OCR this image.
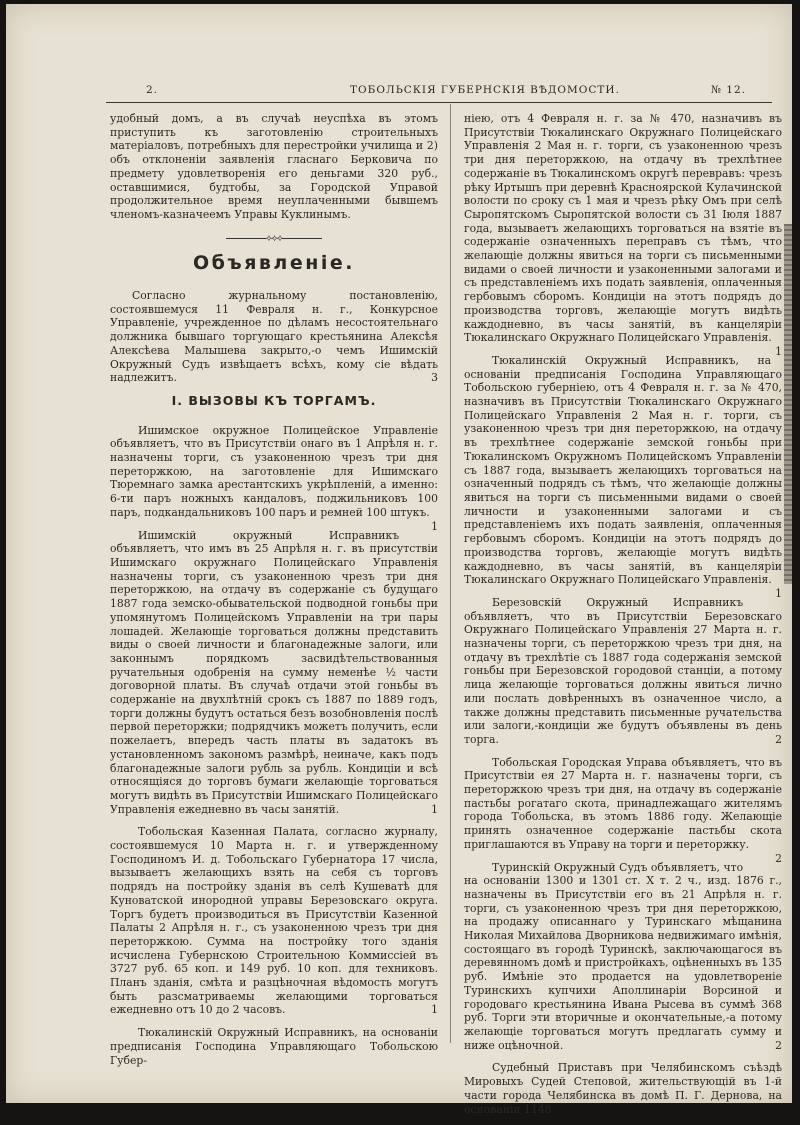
2.	ТОБОЛЬСКІЯ ГУБЕРНСКІЯ ВѢДОМОСТИ.	№ 12.

удобный домъ, а въ случаѣ неуспѣха въ этомъ приступить къ заготовленію строительныхъ матеріаловъ, потребныхъ для перестройки училища и 2) объ отклоненіи заявленія гласнаго Берковича по предмету удовлетворенія его деньгами 320 руб., оставшимися, будтобы, за Городской Управой продолжительное время неуплаченными бывшемъ членомъ-казначеемъ Управы Куклинымъ.

⟡⟡⟡
Объявленіе.

Согласно журнальному постановленію, состоявшемуся 11 Февраля н. г., Конкурсное Управленіе, учрежденное по дѣламъ несостоятельнаго должника бывшаго торгующаго крестьянина Алексѣя Алексѣева Малышева закрыто,-о чемъ Ишимскій Окружный Судъ извѣщаетъ всѣхъ, кому сіе вѣдать надлежитъ.	3

I. ВЫЗОВЫ КЪ ТОРГАМЪ.

Ишимское окружное Полицейское Управленіе объявляетъ, что въ Присутствіи онаго въ 1 Апрѣля н. г. назначены торги, съ узаконенною чрезъ три дня переторжкою, на заготовленіе для Ишимскаго Тюремнаго замка арестантскихъ укрѣпленій, а именно: 6-ти паръ ножныхъ кандаловъ, поджильниковъ 100 паръ, подкандальниковъ 100 паръ и ремней 100 штукъ.
1

Ишимскій окружный Исправникъ объявляетъ, что имъ въ 25 Апрѣля н. г. въ присутствіи Ишимскаго окружнаго Полицейскаго Управленія назначены торги, съ узаконенною чрезъ три дня переторжкою, на отдачу въ содержаніе съ будущаго 1887 года земско-обывательской подводной гоньбы при упомянутомъ Полицейскомъ Управленіи на три пары лошадей. Желающіе торговаться должны представить виды о своей личности и благонадежные залоги, или законнымъ порядкомъ засвидѣтельствованныя ручательныя одобренія на сумму неменѣе ½ части договорной платы. Въ случаѣ отдачи этой гоньбы въ содержаніе на двухлѣтній срокъ съ 1887 по 1889 годъ, торги должны будутъ остаться безъ возобновленія послѣ первой переторжки; подрядчикъ можетъ получить, если пожелаетъ, впередъ часть платы въ задатокъ въ установленномъ закономъ размѣрѣ, неиначе, какъ подъ благонадежные залоги рубль за рубль. Кондиціи и всѣ относящіяся до торговъ бумаги желающіе торговаться могутъ видѣть въ Присутствіи Ишимскаго Полицейскаго Управленія ежедневно въ часы занятій.	1

Тобольская Казенная Палата, согласно журналу, состоявшемуся 10 Марта н. г. и утвержденному Господиномъ И. д. Тобольскаго Губернатора 17 числа, вызываетъ желающихъ взять на себя съ торговъ подрядъ на постройку зданія въ селѣ Кушеватѣ для Куноватской инородной управы Березовскаго округа. Торгъ будетъ производиться въ Присутствіи Казенной Палаты 2 Апрѣля н. г., съ узаконенною чрезъ три дня переторжкою. Сумма на постройку того зданія исчислена Губернскою Строительною Коммиссіей въ 3727 руб. 65 коп. и 149 руб. 10 коп. для техниковъ. Планъ зданія, смѣта и разцѣночная вѣдомость могутъ быть разсматриваемы желающими торговаться ежедневно отъ 10 до 2 часовъ.	1

Тюкалинскій Окружный Исправникъ, на основаніи предписанія Господина Управляющаго Тобольскою Губер-

ніею, отъ 4 Февраля н. г. за № 470, назначивъ въ Присутствіи Тюкалинскаго Окружнаго Полицейскаго Управленія 2 Мая н. г. торги, съ узаконенною чрезъ три дня переторжкою, на отдачу въ трехлѣтнее содержаніе въ Тюкалинскомъ округѣ перевравъ: чрезъ рѣку Иртышъ при деревнѣ Красноярской Кулачинской волости по сроку съ 1 мая и чрезъ рѣку Омъ при селѣ Сыропятскомъ Сыропятской волости съ 31 Іюля 1887 года, вызываетъ желающихъ торговаться на взятіе въ содержаніе означенныхъ переправъ съ тѣмъ, что желающіе должны явиться на торги съ письменными видами о своей личности и узаконенными залогами и съ представленіемъ ихъ подать заявленія, оплаченныя гербовымъ сборомъ. Кондиціи на этотъ подрядъ до производства торговъ, желающіе могутъ видѣть каждодневно, въ часы занятій, въ канцеляріи Тюкалинскаго Окружнаго Полицейскаго Управленія.
1

Тюкалинскій Окружный Исправникъ, на основаніи предписанія Господина Управляющаго Тобольскою губерніею, отъ 4 Февраля н. г. за № 470, назначивъ въ Присутствіи Тюкалинскаго Окружнаго Полицейскаго Управленія 2 Мая н. г. торги, съ узаконенною чрезъ три дня переторжкою, на отдачу въ трехлѣтнее содержаніе земской гоньбы при Тюкалинскомъ Окружномъ Полицейскомъ Управленіи съ 1887 года, вызываетъ желающихъ торговаться на означенный подрядъ съ тѣмъ, что желающіе должны явиться на торги съ письменными видами о своей личности и узаконенными залогами и съ представленіемъ ихъ подать заявленія, оплаченныя гербовымъ сборомъ. Кондиціи на этотъ подрядъ до производства торговъ, желающіе могутъ видѣть каждодневно, въ часы занятій, въ канцеляріи Тюкалинскаго Окружнаго Полицейскаго Управленія.
1

Березовскій Окружный Исправникъ объявляетъ, что въ Присутствіи Березовскаго Окружнаго Полицейскаго Управленія 27 Марта н. г. назначены торги, съ переторжкою чрезъ три дня, на отдачу въ трехлѣтіе съ 1887 года содержанія земской гоньбы при Березовской городовой станціи, а потому лица желающіе торговаться должны явиться лично или послать довѣренныхъ въ означенное число, а также должны представить письменные ручательства или залоги,-кондиціи же будутъ объявлены въ день торга.	2

Тобольская Городская Управа объявляетъ, что въ Присутствіи ея 27 Марта н. г. назначены торги, съ переторжкою чрезъ три дня, на отдачу въ содержаніе пастьбы рогатаго скота, принадлежащаго жителямъ города Тобольска, въ этомъ 1886 году. Желающіе принять означенное содержаніе пастьбы скота приглашаются въ Управу на торги и переторжку.
2

Туринскій Окружный Судъ объявляетъ, что на основаніи 1300 и 1301 ст. Х т. 2 ч., изд. 1876 г., назначены въ Присутствіи его въ 21 Апрѣля н. г. торги, съ узаконенною чрезъ три дня переторжкою, на продажу описаннаго у Туринскаго мѣщанина Николая Михайлова Дворникова недвижимаго имѣнія, состоящаго въ городѣ Туринскѣ, заключающагося въ деревянномъ домѣ и пристройкахъ, оцѣненныхъ въ 135 руб. Имѣніе это продается на удовлетвореніе Туринскихъ купчихи Аполлинаріи Ворсиной и городоваго крестьянина Ивана Рысева въ суммѣ 368 руб. Торги эти вторичные и окончательные,-а потому желающіе торговаться могутъ предлагать сумму и ниже оцѣночной.	2

Судебный Приставъ при Челябинскомъ съѣздѣ Мировыхъ Судей Степовой, жительствующій въ 1-й части города Челябинска въ домѣ П. Г. Дернова, на основаніи 1148
